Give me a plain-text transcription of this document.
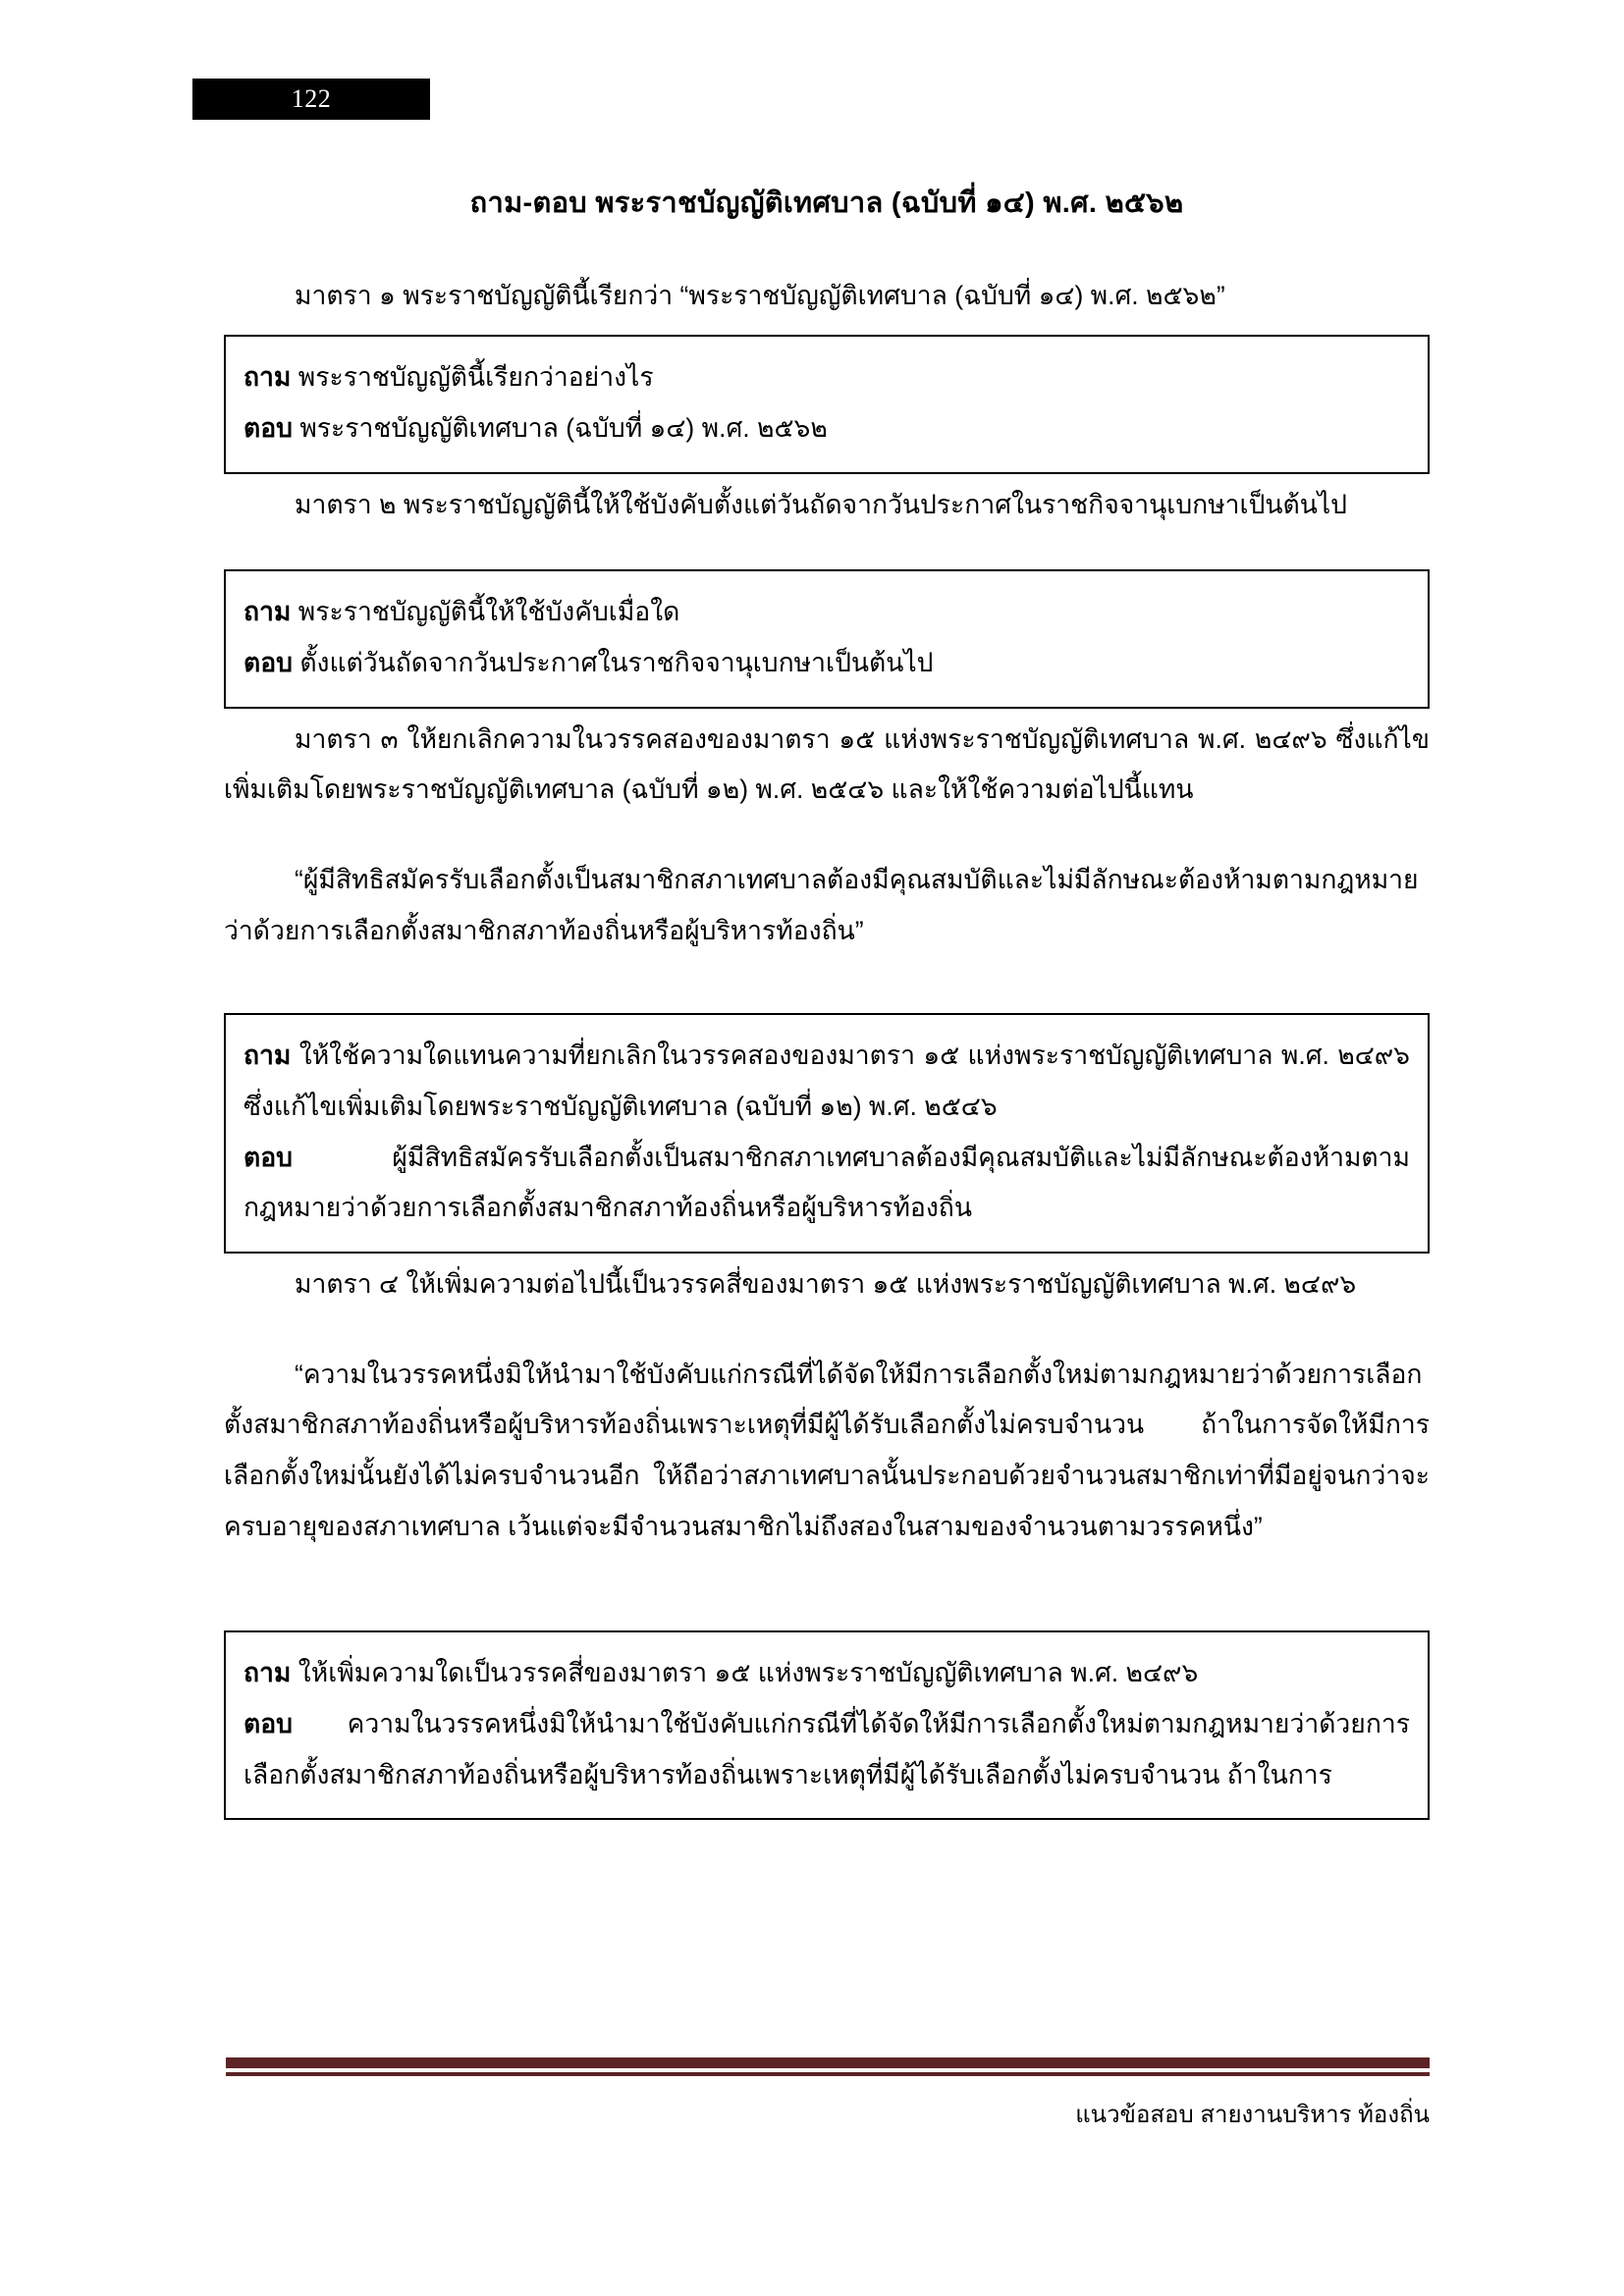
122
ถาม-ตอบ พระราชบัญญัติเทศบาล (ฉบับที่ ๑๔) พ.ศ. ๒๕๖๒

มาตรา ๑ พระราชบัญญัตินี้เรียกว่า “พระราชบัญญัติเทศบาล (ฉบับที่ ๑๔) พ.ศ. ๒๕๖๒”

ถาม พระราชบัญญัตินี้เรียกว่าอย่างไร

ตอบ พระราชบัญญัติเทศบาล (ฉบับที่ ๑๔) พ.ศ. ๒๕๖๒

มาตรา ๒ พระราชบัญญัตินี้ให้ใช้บังคับตั้งแต่วันถัดจากวันประกาศในราชกิจจานุเบกษาเป็นต้นไป

ถาม พระราชบัญญัตินี้ให้ใช้บังคับเมื่อใด

ตอบ ตั้งแต่วันถัดจากวันประกาศในราชกิจจานุเบกษาเป็นต้นไป

มาตรา ๓ ให้ยกเลิกความในวรรคสองของมาตรา ๑๕ แห่งพระราชบัญญัติเทศบาล พ.ศ. ๒๔๙๖ ซึ่งแก้ไขเพิ่มเติมโดยพระราชบัญญัติเทศบาล (ฉบับที่ ๑๒) พ.ศ. ๒๕๔๖ และให้ใช้ความต่อไปนี้แทน

“ผู้มีสิทธิสมัครรับเลือกตั้งเป็นสมาชิกสภาเทศบาลต้องมีคุณสมบัติและไม่มีลักษณะต้องห้ามตามกฎหมายว่าด้วยการเลือกตั้งสมาชิกสภาท้องถิ่นหรือผู้บริหารท้องถิ่น”

ถาม ให้ใช้ความใดแทนความที่ยกเลิกในวรรคสองของมาตรา ๑๕ แห่งพระราชบัญญัติเทศบาล พ.ศ. ๒๔๙๖ ซึ่งแก้ไขเพิ่มเติมโดยพระราชบัญญัติเทศบาล (ฉบับที่ ๑๒) พ.ศ. ๒๕๔๖

ตอบ	ผู้มีสิทธิสมัครรับเลือกตั้งเป็นสมาชิกสภาเทศบาลต้องมีคุณสมบัติและไม่มีลักษณะต้องห้ามตามกฎหมายว่าด้วยการเลือกตั้งสมาชิกสภาท้องถิ่นหรือผู้บริหารท้องถิ่น

มาตรา ๔ ให้เพิ่มความต่อไปนี้เป็นวรรคสี่ของมาตรา ๑๕ แห่งพระราชบัญญัติเทศบาล พ.ศ. ๒๔๙๖

“ความในวรรคหนึ่งมิให้นำมาใช้บังคับแก่กรณีที่ได้จัดให้มีการเลือกตั้งใหม่ตามกฎหมายว่าด้วยการเลือกตั้งสมาชิกสภาท้องถิ่นหรือผู้บริหารท้องถิ่นเพราะเหตุที่มีผู้ได้รับเลือกตั้งไม่ครบจำนวน ถ้าในการจัดให้มีการเลือกตั้งใหม่นั้นยังได้ไม่ครบจำนวนอีก ให้ถือว่าสภาเทศบาลนั้นประกอบด้วยจำนวนสมาชิกเท่าที่มีอยู่จนกว่าจะครบอายุของสภาเทศบาล เว้นแต่จะมีจำนวนสมาชิกไม่ถึงสองในสามของจำนวนตามวรรคหนึ่ง”

ถาม ให้เพิ่มความใดเป็นวรรคสี่ของมาตรา ๑๕ แห่งพระราชบัญญัติเทศบาล พ.ศ. ๒๔๙๖

ตอบ ความในวรรคหนึ่งมิให้นำมาใช้บังคับแก่กรณีที่ได้จัดให้มีการเลือกตั้งใหม่ตามกฎหมายว่าด้วยการเลือกตั้งสมาชิกสภาท้องถิ่นหรือผู้บริหารท้องถิ่นเพราะเหตุที่มีผู้ได้รับเลือกตั้งไม่ครบจำนวน ถ้าในการ

แนวข้อสอบ สายงานบริหาร ท้องถิ่น
